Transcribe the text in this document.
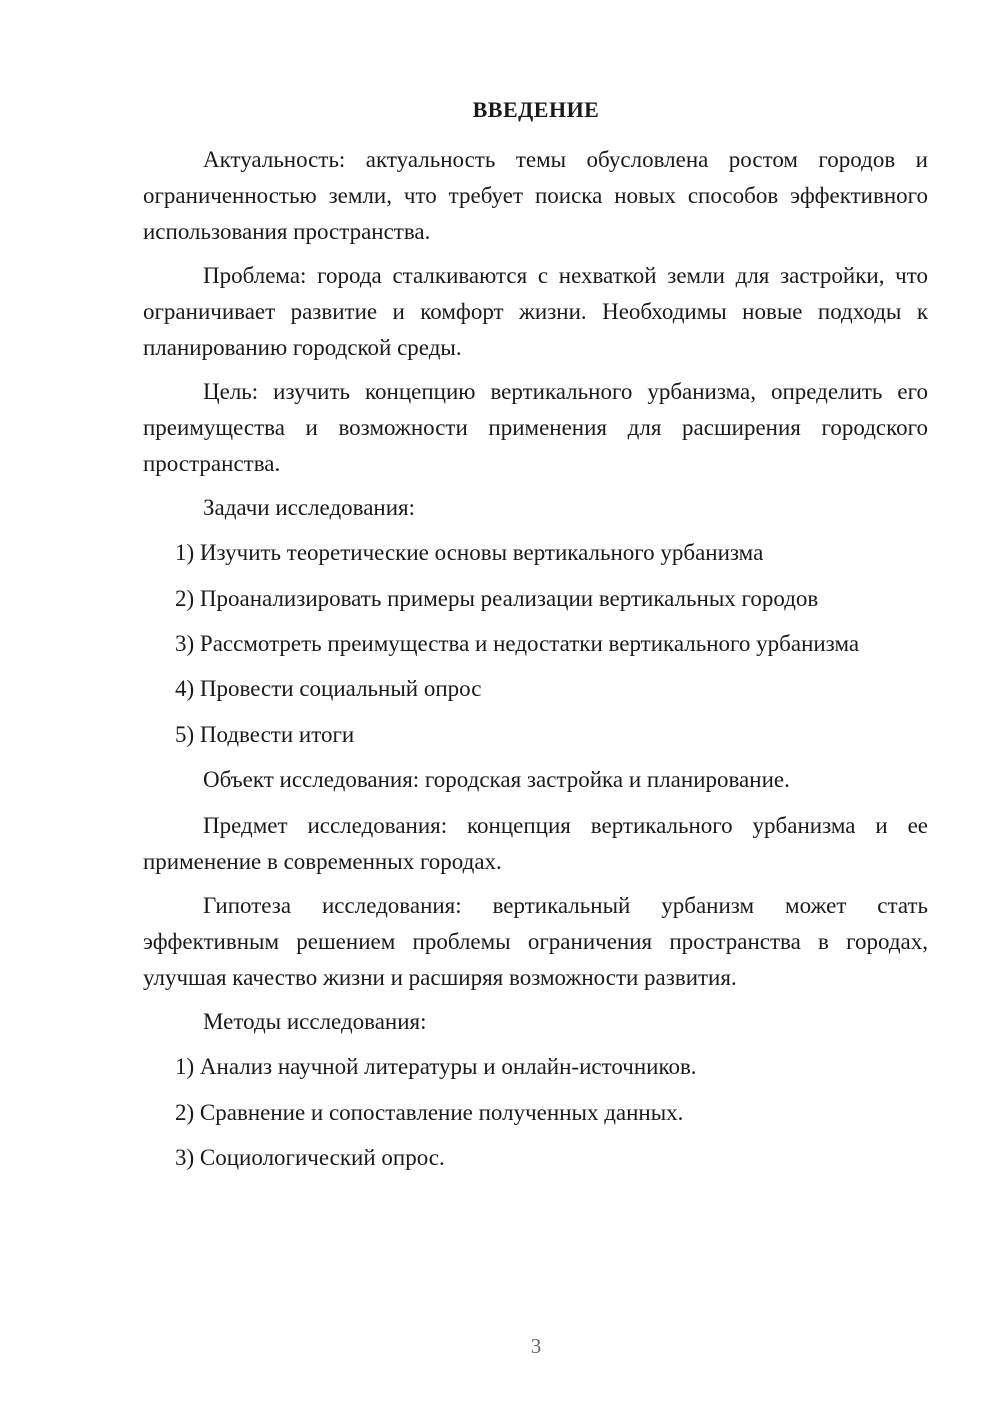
ВВЕДЕНИЕ

Актуальность: актуальность темы обусловлена ростом городов и ограниченностью земли, что требует поиска новых способов эффективного использования пространства.

Проблема: города сталкиваются с нехваткой земли для застройки, что ограничивает развитие и комфорт жизни. Необходимы новые подходы к планированию городской среды.

Цель: изучить концепцию вертикального урбанизма, определить его преимущества и возможности применения для расширения городского пространства.

Задачи исследования:

1) Изучить теоретические основы вертикального урбанизма
2) Проанализировать примеры реализации вертикальных городов
3) Рассмотреть преимущества и недостатки вертикального урбанизма
4) Провести социальный опрос
5) Подвести итоги

Объект исследования: городская застройка и планирование.

Предмет исследования: концепция вертикального урбанизма и ее применение в современных городах.

Гипотеза исследования: вертикальный урбанизм может стать эффективным решением проблемы ограничения пространства в городах, улучшая качество жизни и расширяя возможности развития.

Методы исследования:

1) Анализ научной литературы и онлайн-источников.
2) Сравнение и сопоставление полученных данных.
3) Социологический опрос.
3
